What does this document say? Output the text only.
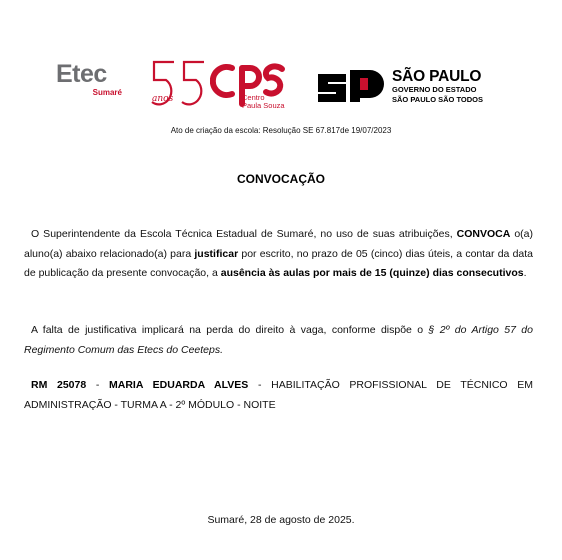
Etec
Sumaré
anos	Centro
Paula Souza
SÃO PAULO
GOVERNO DO ESTADO
SÃO PAULO SÃO TODOS
Ato de criação da escola: Resolução SE 67.817de 19/07/2023
CONVOCAÇÃO
O Superintendente da Escola Técnica Estadual de Sumaré, no uso de suas atribuições, CONVOCA o(a) aluno(a) abaixo relacionado(a) para justificar por escrito, no prazo de 05 (cinco) dias úteis, a contar da data de publicação da presente convocação, a ausência às aulas por mais de 15 (quinze) dias consecutivos.
A falta de justificativa implicará na perda do direito à vaga, conforme dispõe o § 2º do Artigo 57 do Regimento Comum das Etecs do Ceeteps.
RM 25078 - MARIA EDUARDA ALVES - HABILITAÇÃO PROFISSIONAL DE TÉCNICO EM ADMINISTRAÇÃO - TURMA A - 2º MÓDULO - NOITE
Sumaré, 28 de agosto de 2025.
